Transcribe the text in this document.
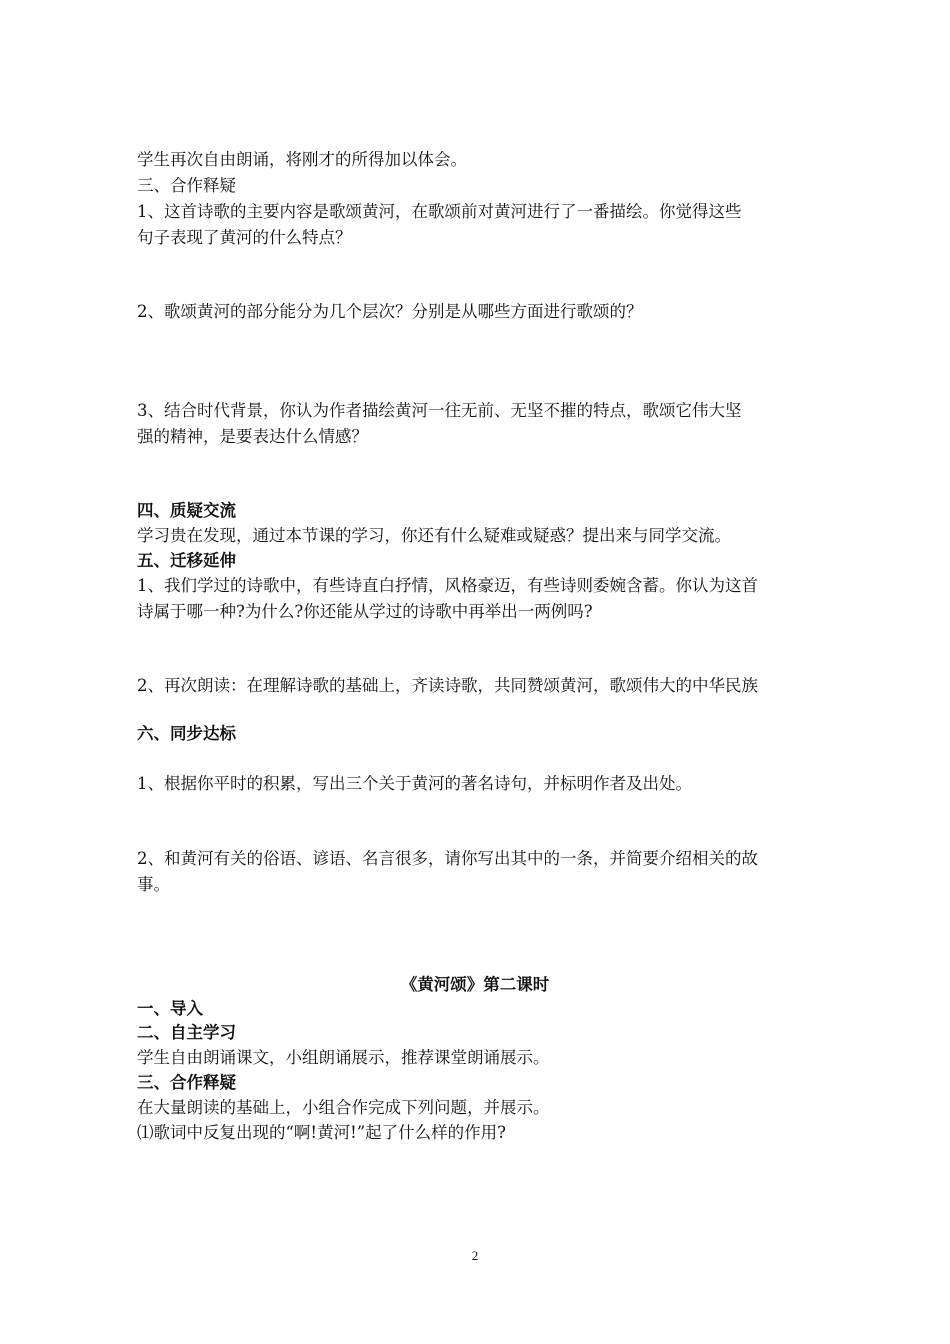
学生再次自由朗诵，将刚才的所得加以体会。
三、合作释疑
1、这首诗歌的主要内容是歌颂黄河，在歌颂前对黄河进行了一番描绘。你觉得这些
句子表现了黄河的什么特点？
2、歌颂黄河的部分能分为几个层次？分别是从哪些方面进行歌颂的？
3、结合时代背景，你认为作者描绘黄河一往无前、无坚不摧的特点，歌颂它伟大坚
强的精神，是要表达什么情感？
四、质疑交流
学习贵在发现，通过本节课的学习，你还有什么疑难或疑惑？提出来与同学交流。
五、迁移延伸
1、我们学过的诗歌中，有些诗直白抒情，风格豪迈，有些诗则委婉含蓄。你认为这首
诗属于哪一种?为什么?你还能从学过的诗歌中再举出一两例吗?
2、再次朗读：在理解诗歌的基础上，齐读诗歌，共同赞颂黄河，歌颂伟大的中华民族
六、同步达标
1、根据你平时的积累，写出三个关于黄河的著名诗句，并标明作者及出处。
2、和黄河有关的俗语、谚语、名言很多，请你写出其中的一条，并简要介绍相关的故
事。
《黄河颂》第二课时
一、导入
二、自主学习
学生自由朗诵课文，小组朗诵展示，推荐课堂朗诵展示。
三、合作释疑
在大量朗读的基础上，小组合作完成下列问题，并展示。
⑴歌词中反复出现的“啊!黄河!”起了什么样的作用?
2
